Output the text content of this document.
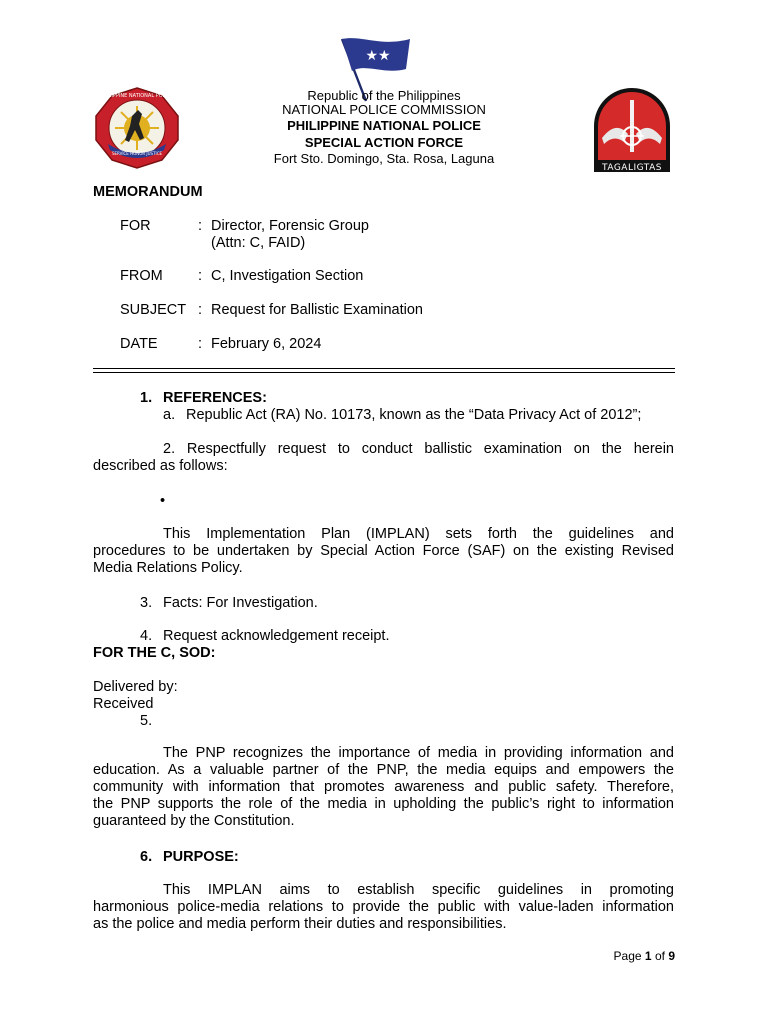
★★
PHILIPPINE NATIONAL POLICE
SERVICE HONOR JUSTICE
TAGALIGTAS
Republic of the Philippines
NATIONAL POLICE COMMISSION
PHILIPPINE NATIONAL POLICE
SPECIAL ACTION FORCE
Fort Sto. Domingo, Sta. Rosa, Laguna
MEMORANDUM
FOR	: Director, Forensic Group
(Attn: C, FAID)
FROM : C, Investigation Section
SUBJECT : Request for Ballistic Examination
DATE	: February 6, 2024
1. REFERENCES:
a. Republic Act (RA) No. 10173, known as the “Data Privacy Act of 2012”;
2. Respectfully request to conduct ballistic examination on the herein
described as follows:
•
This Implementation Plan (IMPLAN) sets forth the guidelines and
procedures to be undertaken by Special Action Force (SAF) on the existing Revised
Media Relations Policy.
3. Facts: For Investigation.
4. Request acknowledgement receipt.
FOR THE C, SOD:
Delivered by:
Received
5.
The PNP recognizes the importance of media in providing information and
education. As a valuable partner of the PNP, the media equips and empowers the
community with information that promotes awareness and public safety. Therefore,
the PNP supports the role of the media in upholding the public’s right to information
guaranteed by the Constitution.
6. PURPOSE:
This IMPLAN aims to establish specific guidelines in promoting
harmonious police-media relations to provide the public with value-laden information
as the police and media perform their duties and responsibilities.
Page 1 of 9
